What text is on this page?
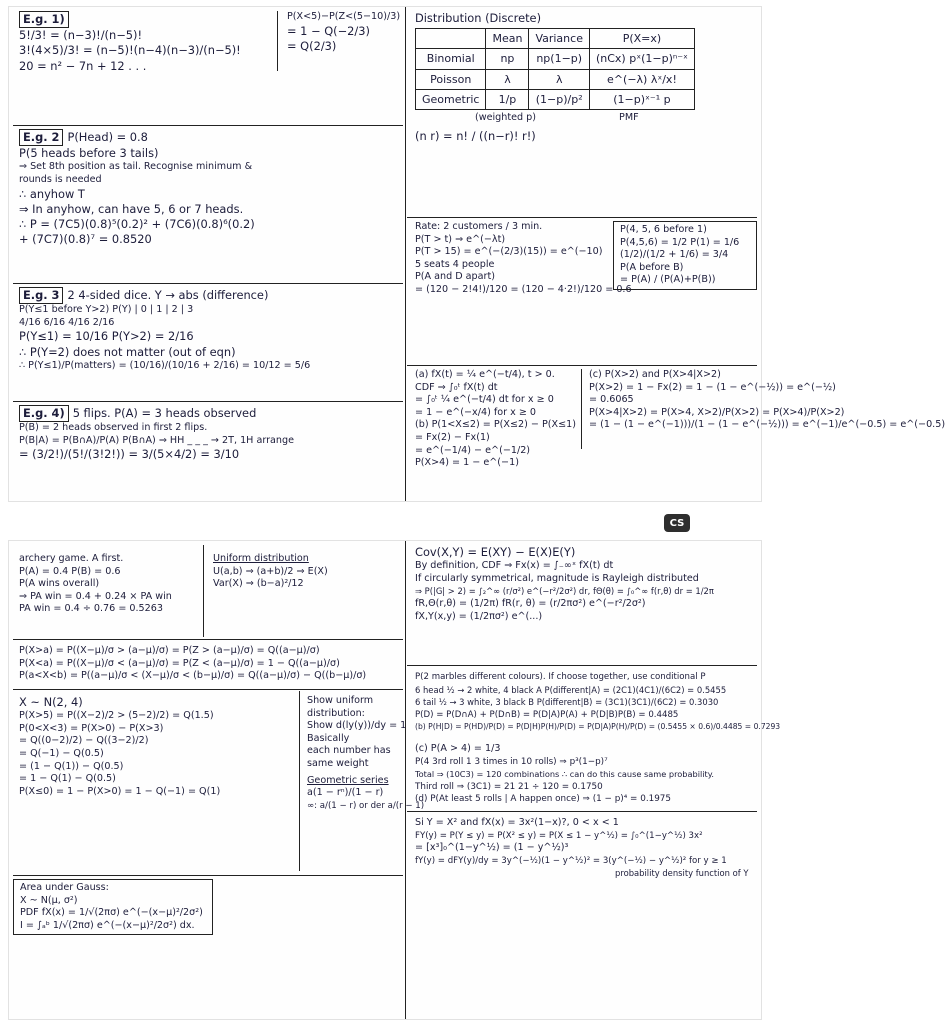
E.g. 1)
5!/3! = (n−3)!/(n−5)!
3!(4×5)/3! = (n−5)!(n−4)(n−3)/(n−5)!
20 = n² − 7n + 12 . . .
P(X<5)−P(Z<(5−10)/3)
= 1 − Q(−2/3)
= Q(2/3)
E.g. 2 P(Head) = 0.8
P(5 heads before 3 tails)
⇒ Set 8th position as tail. Recognise minimum &
rounds is needed
∴ anyhow T
⇒ In anyhow, can have 5, 6 or 7 heads.
∴ P = (7C5)(0.8)⁵(0.2)² + (7C6)(0.8)⁶(0.2)
+ (7C7)(0.8)⁷ = 0.8520
E.g. 3 2 4-sided dice. Y → abs (difference)
P(Y≤1 before Y>2) P(Y) | 0 | 1 | 2 | 3
4/16 6/16 4/16 2/16
P(Y≤1) = 10/16 P(Y>2) = 2/16
∴ P(Y=2) does not matter (out of eqn)
∴ P(Y≤1)/P(matters) = (10/16)/(10/16 + 2/16) = 10/12 = 5/6
E.g. 4) 5 flips. P(A) = 3 heads observed
P(B) = 2 heads observed in first 2 flips.
P(B|A) = P(B∩A)/P(A) P(B∩A) ⇒ HH _ _ _ → 2T, 1H arrange
= (3/2!)/(5!/(3!2!)) = 3/(5×4/2) = 3/10
Distribution (Discrete)
	Mean	Variance	P(X=x)
Binomial	np	np(1−p)	(nCx) pˣ(1−p)ⁿ⁻ˣ
Poisson	λ	λ	e^(−λ) λˣ/x!
Geometric	1/p	(1−p)/p²	(1−p)ˣ⁻¹ p
(weighted p)	PMF
(n r) = n! / ((n−r)! r!)
Rate: 2 customers / 3 min.
P(T > t) ⇒ e^(−λt)
P(T > 15) = e^(−(2/3)(15)) = e^(−10)
5 seats 4 people
P(A and D apart)
= (120 − 2!4!)/120 = (120 − 4·2!)/120 = 0.6
P(4, 5, 6 before 1)
P(4,5,6) = 1/2 P(1) = 1/6
(1/2)/(1/2 + 1/6) = 3/4
P(A before B)
= P(A) / (P(A)+P(B))
(a) fX(t) = ¼ e^(−t/4), t > 0.
CDF ⇒ ∫₀ᵗ fX(t) dt
= ∫₀ᵗ ¼ e^(−t/4) dt for x ≥ 0
= 1 − e^(−x/4) for x ≥ 0
(b) P(1<X≤2) = P(X≤2) − P(X≤1)
= Fx(2) − Fx(1)
= e^(−1/4) − e^(−1/2)
P(X>4) = 1 − e^(−1)
(c) P(X>2) and P(X>4|X>2)
P(X>2) = 1 − Fx(2) = 1 − (1 − e^(−½)) = e^(−½)
= 0.6065
P(X>4|X>2) = P(X>4, X>2)/P(X>2) = P(X>4)/P(X>2)
= (1 − (1 − e^(−1)))/(1 − (1 − e^(−½))) = e^(−1)/e^(−0.5) = e^(−0.5)
CS
archery game. A first.
P(A) = 0.4 P(B) = 0.6
P(A wins overall)
⇒ PA win = 0.4 + 0.24 × PA win
PA win = 0.4 ÷ 0.76 = 0.5263
Uniform distribution
U(a,b) ⇒ (a+b)/2 ⇒ E(X)
Var(X) ⇒ (b−a)²/12
P(X>a) = P((X−μ)/σ > (a−μ)/σ) = P(Z > (a−μ)/σ) = Q((a−μ)/σ)
P(X<a) = P((X−μ)/σ < (a−μ)/σ) = P(Z < (a−μ)/σ) = 1 − Q((a−μ)/σ)
P(a<X<b) = P((a−μ)/σ < (X−μ)/σ < (b−μ)/σ) = Q((a−μ)/σ) − Q((b−μ)/σ)
X ~ N(2, 4)
P(X>5) = P((X−2)/2 > (5−2)/2) = Q(1.5)
P(0<X<3) = P(X>0) − P(X>3)
= Q((0−2)/2) − Q((3−2)/2)
= Q(−1) − Q(0.5)
= (1 − Q(1)) − Q(0.5)
= 1 − Q(1) − Q(0.5)
P(X≤0) = 1 − P(X>0) = 1 − Q(−1) = Q(1)
Show uniform
distribution:
Show d(ly(y))/dy = 1
Basically
each number has
same weight
Geometric series
a(1 − rⁿ)/(1 − r)
∞: a/(1 − r) or der a/(r − 1)
Area under Gauss:
X ~ N(μ, σ²)
PDF fX(x) = 1/√(2πσ) e^(−(x−μ)²/2σ²)
I = ∫ₐᵇ 1/√(2πσ) e^(−(x−μ)²/2σ²) dx.
Cov(X,Y) = E(XY) − E(X)E(Y)
By definition, CDF ⇒ Fx(x) = ∫₋∞ˣ fX(t) dt
If circularly symmetrical, magnitude is Rayleigh distributed
⇒ P(|G| > 2) = ∫₂^∞ (r/σ²) e^(−r²/2σ²) dr, fΘ(θ) = ∫₀^∞ f(r,θ) dr = 1/2π
fR,Θ(r,θ) = (1/2π) fR(r, θ) = (r/2πσ²) e^(−r²/2σ²)
fX,Y(x,y) = (1/2πσ²) e^(...)
P(2 marbles different colours). If choose together, use conditional P
6 head ½ → 2 white, 4 black A P(different|A) = (2C1)(4C1)/(6C2) = 0.5455
6 tail ½ → 3 white, 3 black B P(different|B) = (3C1)(3C1)/(6C2) = 0.3030
P(D) = P(D∩A) + P(D∩B) = P(D|A)P(A) + P(D|B)P(B) = 0.4485
(b) P(H|D) = P(HD)/P(D) = P(D|H)P(H)/P(D) = P(D|A)P(H)/P(D) = (0.5455 × 0.6)/0.4485 = 0.7293
(c) P(A > 4) = 1/3
P(4 3rd roll 1 3 times in 10 rolls) ⇒ p³(1−p)⁷
Total ⇒ (10C3) = 120 combinations ∴ can do this cause same probability.
Third roll ⇒ (3C1) = 21 21 ÷ 120 = 0.1750
(d) P(At least 5 rolls | A happen once) ⇒ (1 − p)⁴ = 0.1975
Si Y = X² and fX(x) = 3x²(1−x)?, 0 < x < 1
FY(y) = P(Y ≤ y) = P(X² ≤ y) = P(X ≤ 1 − y^½) = ∫₀^(1−y^½) 3x²
= [x³]₀^(1−y^½) = (1 − y^½)³
fY(y) = dFY(y)/dy = 3y^(−½)(1 − y^½)² = 3(y^(−½) − y^½)² for y ≥ 1
probability density function of Y
